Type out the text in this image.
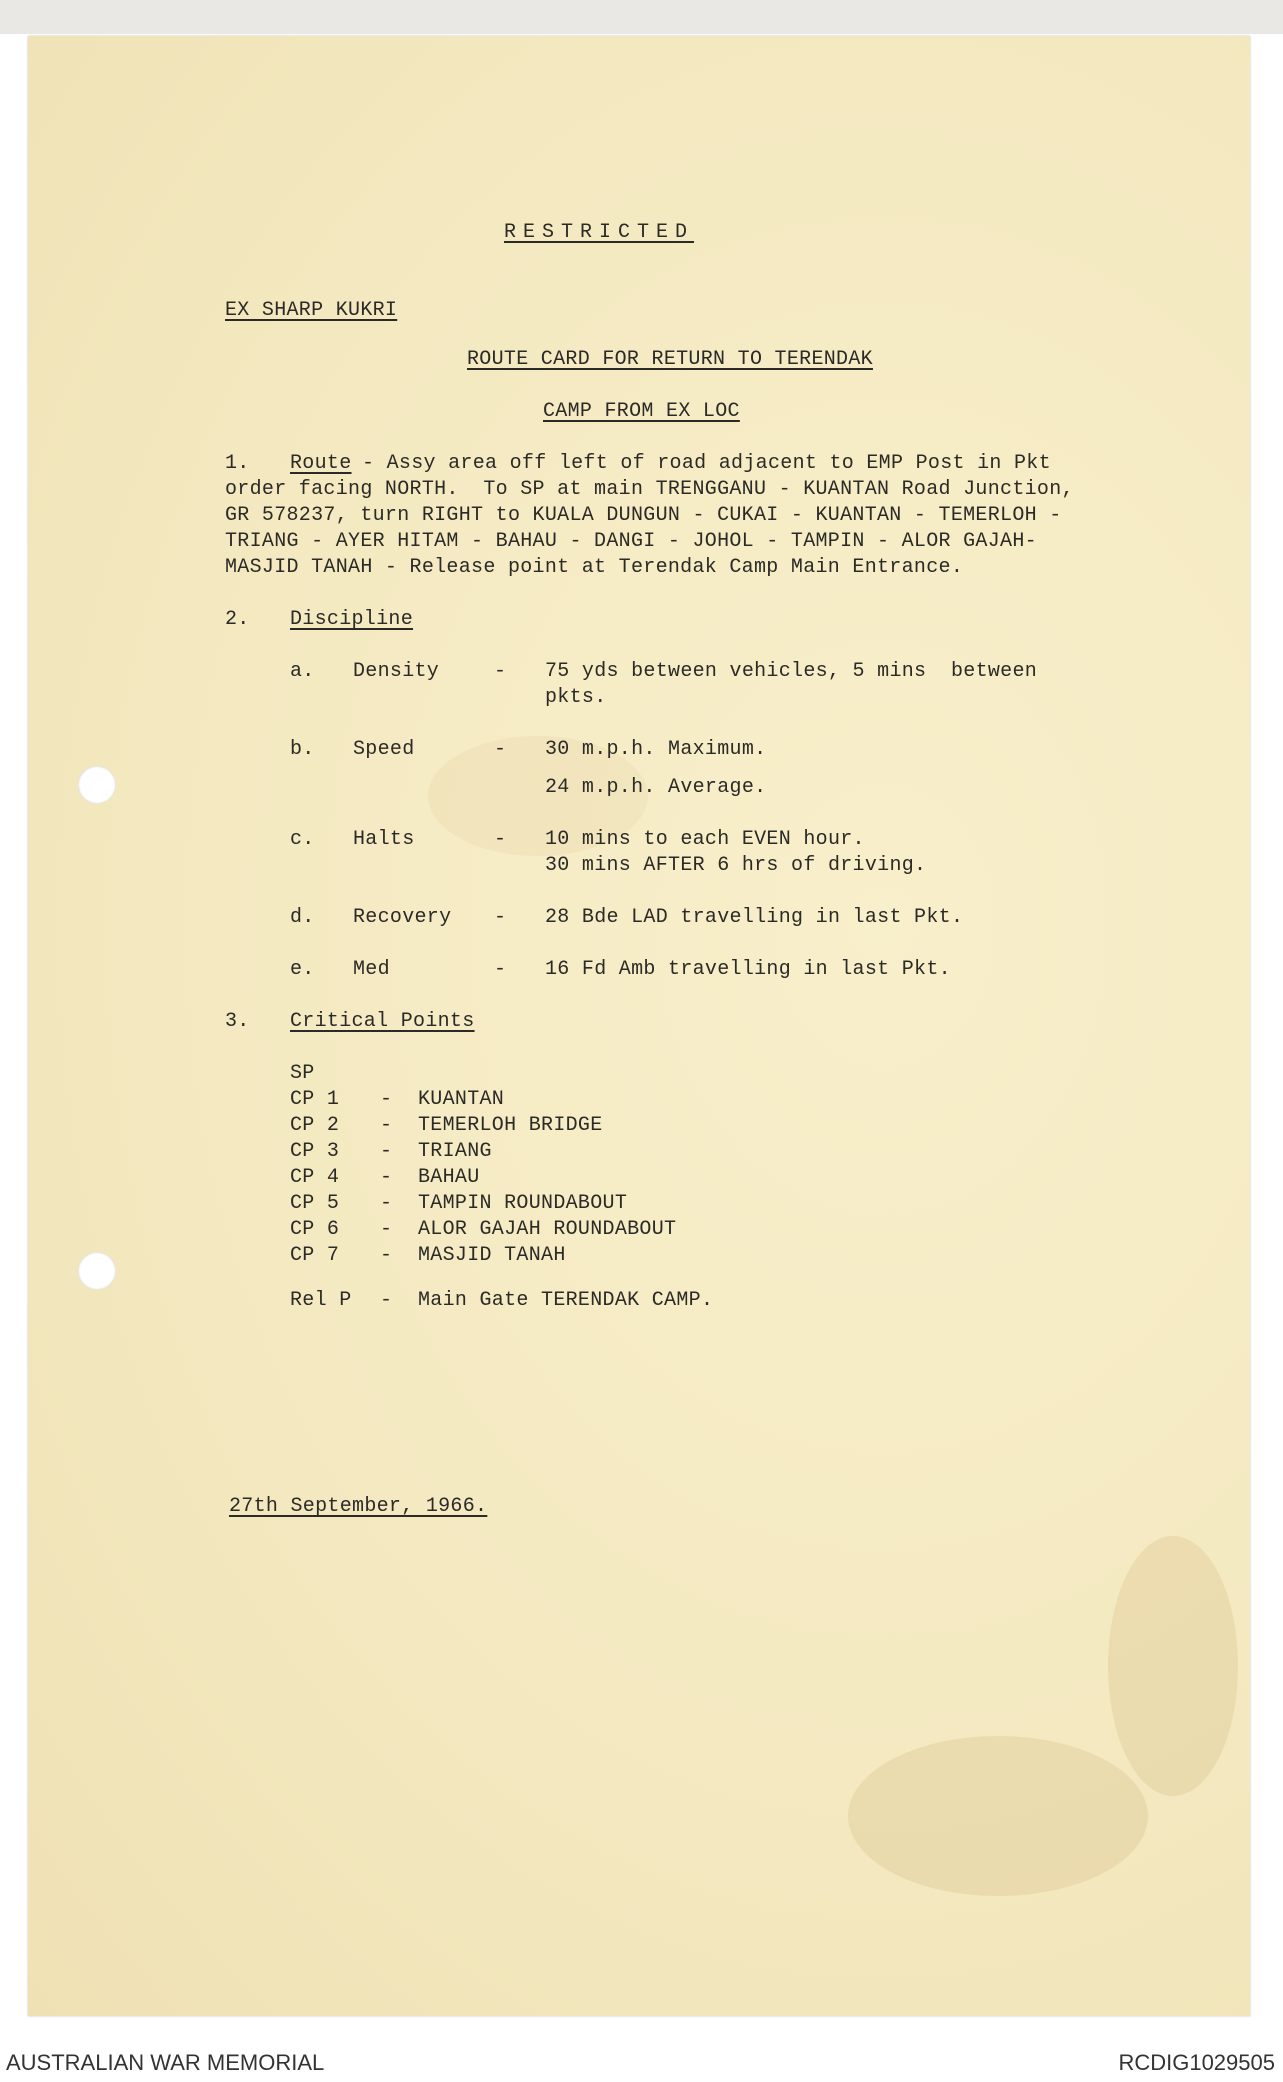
RESTRICTED
EX SHARP KUKRI
ROUTE CARD FOR RETURN TO TERENDAK
CAMP FROM EX LOC
1. Route - Assy area off left of road adjacent to EMP Post in Pkt
order facing NORTH.  To SP at main TRENGGANU - KUANTAN Road Junction,
GR 578237, turn RIGHT to KUALA DUNGUN - CUKAI - KUANTAN - TEMERLOH -
TRIANG - AYER HITAM - BAHAU - DANGI - JOHOL - TAMPIN - ALOR GAJAH-
MASJID TANAH - Release point at Terendak Camp Main Entrance.
2. Discipline
a. Density	- 75 yds between vehicles, 5 mins  between
pkts.
b. Speed	- 30 m.p.h. Maximum.
24 m.p.h. Average.
c. Halts	- 10 mins to each EVEN hour.
30 mins AFTER 6 hrs of driving.
d. Recovery - 28 Bde LAD travelling in last Pkt.
e. Med	- 16 Fd Amb travelling in last Pkt.
3. Critical Points
SP
CP 1 - KUANTAN
CP 2 - TEMERLOH BRIDGE
CP 3 - TRIANG
CP 4 - BAHAU
CP 5 - TAMPIN ROUNDABOUT
CP 6 - ALOR GAJAH ROUNDABOUT
CP 7 - MASJID TANAH
Rel P - Main Gate TERENDAK CAMP.
27th September, 1966.
AUSTRALIAN WAR MEMORIAL	RCDIG1029505
